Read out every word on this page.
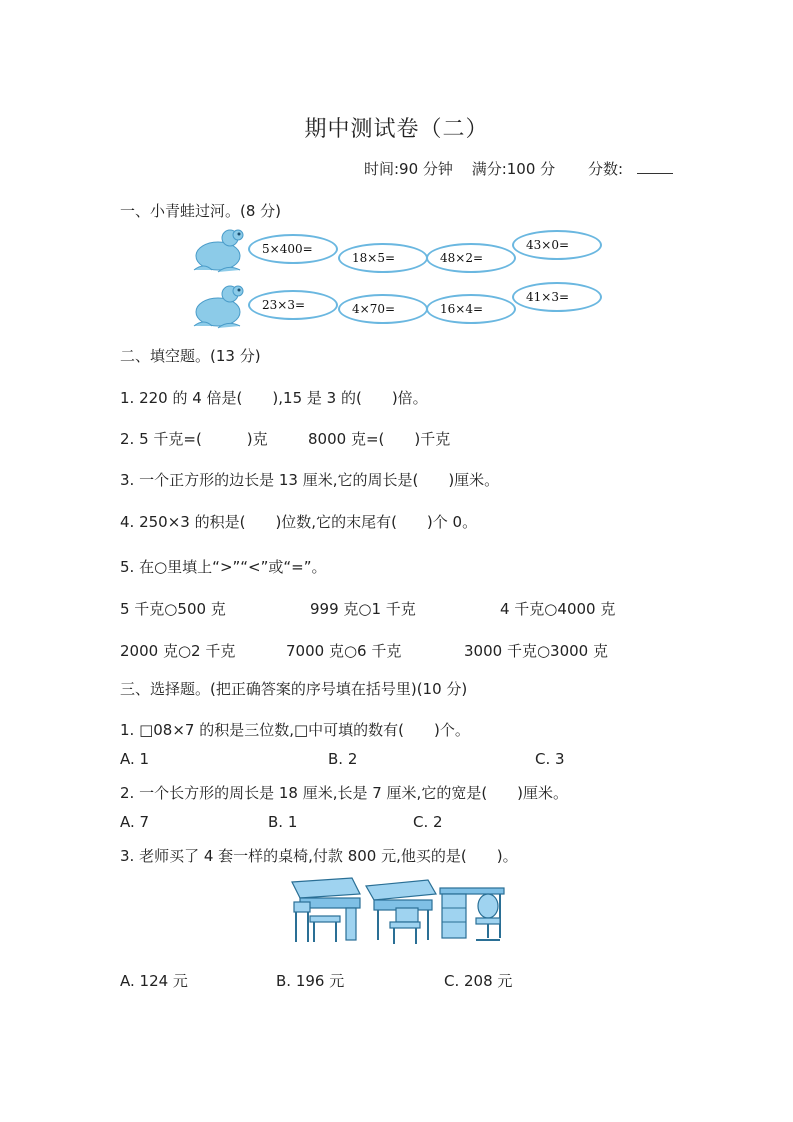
期中测试卷（二）
时间:90 分钟 满分:100 分 分数:
一、小青蛙过河。(8 分)
5×400=
18×5=	48×2=
43×0=
23×3=	4×70=	16×4=
41×3=
二、填空题。(13 分)
1. 220 的 4 倍是(　　),15 是 3 的(　　)倍。
2. 5 千克=(　　　)克	8000 克=(　　)千克
3. 一个正方形的边长是 13 厘米,它的周长是(　　)厘米。
4. 250×3 的积是(　　)位数,它的末尾有(　　)个 0。
5. 在○里填上“>”“<”或“=”。
5 千克○500 克	999 克○1 千克	4 千克○4000 克
2000 克○2 千克	7000 克○6 千克	3000 千克○3000 克
三、选择题。(把正确答案的序号填在括号里)(10 分)
1. □08×7 的积是三位数,□中可填的数有(　　)个。
A. 1	B. 2	C. 3
2. 一个长方形的周长是 18 厘米,长是 7 厘米,它的宽是(　　)厘米。
A. 7	B. 1	C. 2
3. 老师买了 4 套一样的桌椅,付款 800 元,他买的是(　　)。
A. 124 元	B. 196 元	C. 208 元
